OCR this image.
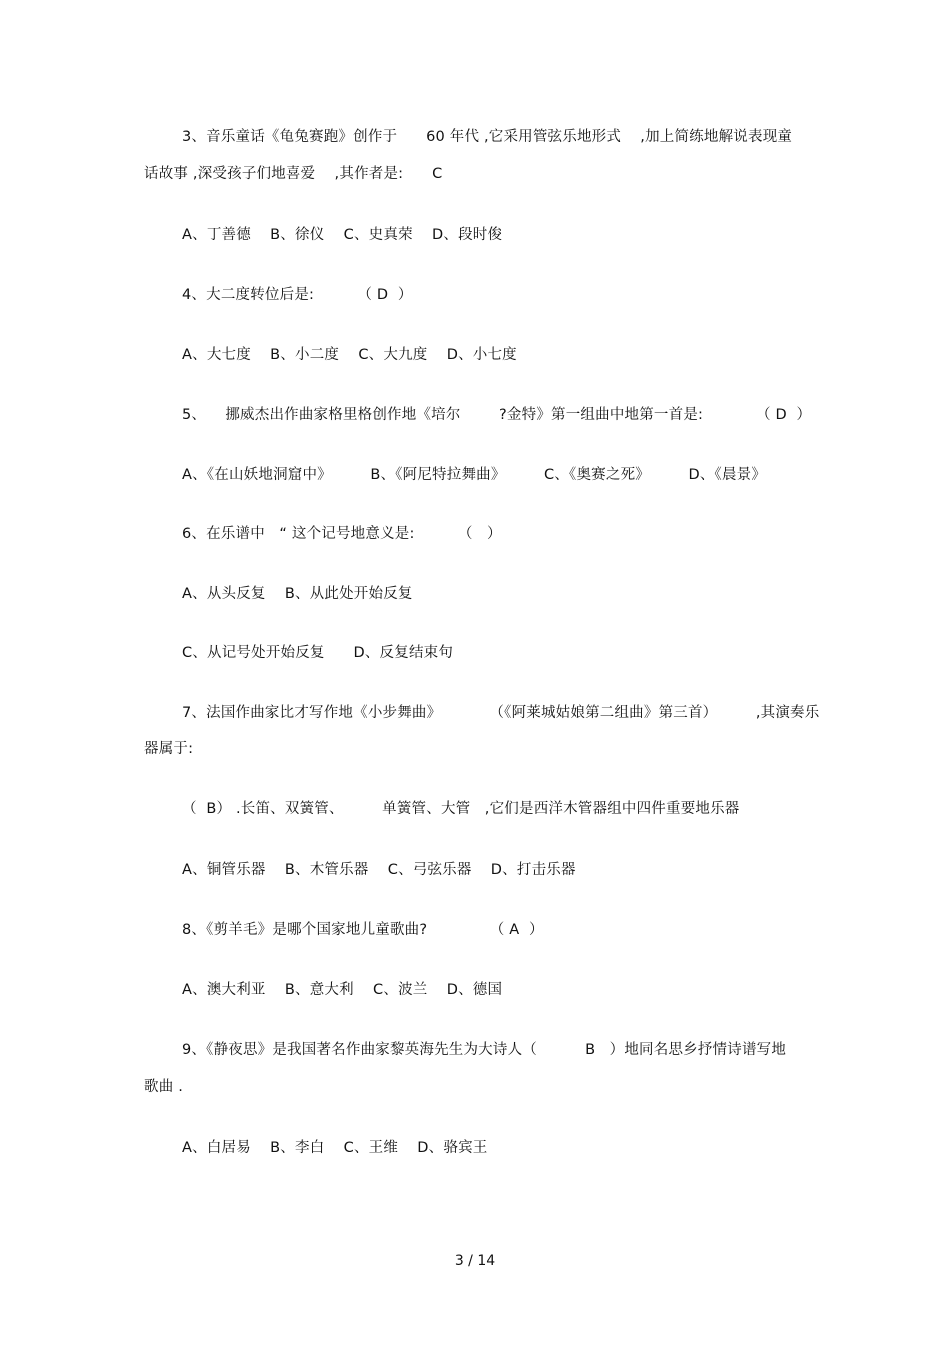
3、音乐童话《龟兔赛跑》创作于      60 年代 ,它采用管弦乐地形式    ,加上简练地解说表现童
话故事 ,深受孩子们地喜爱    ,其作者是:      C
A、丁善德    B、徐仪    C、史真荣    D、段时俊
4、大二度转位后是:         （ D  ）
A、大七度    B、小二度    C、大九度    D、小七度
5、    挪威杰出作曲家格里格创作地《培尔        ?金特》第一组曲中地第一首是:           （ D  ）
A、《在山妖地洞窟中》        B、《阿尼特拉舞曲》        C、《奥赛之死》        D、《晨景》
6、在乐谱中   “ 这个记号地意义是:         （   ）
A、从头反复    B、从此处开始反复
C、从记号处开始反复      D、反复结束句
7、法国作曲家比才写作地《小步舞曲》          （《阿莱城姑娘第二组曲》第三首）        ,其演奏乐
器属于:
（  B） .长笛、双簧管、        单簧管、大管   ,它们是西洋木管器组中四件重要地乐器
A、铜管乐器    B、木管乐器    C、弓弦乐器    D、打击乐器
8、《剪羊毛》是哪个国家地儿童歌曲?             （ A  ）
A、澳大利亚    B、意大利    C、波兰    D、德国
9、《静夜思》是我国著名作曲家黎英海先生为大诗人（          B   ）地同名思乡抒情诗谱写地
歌曲 .
A、白居易    B、李白    C、王维    D、骆宾王
3 / 14
